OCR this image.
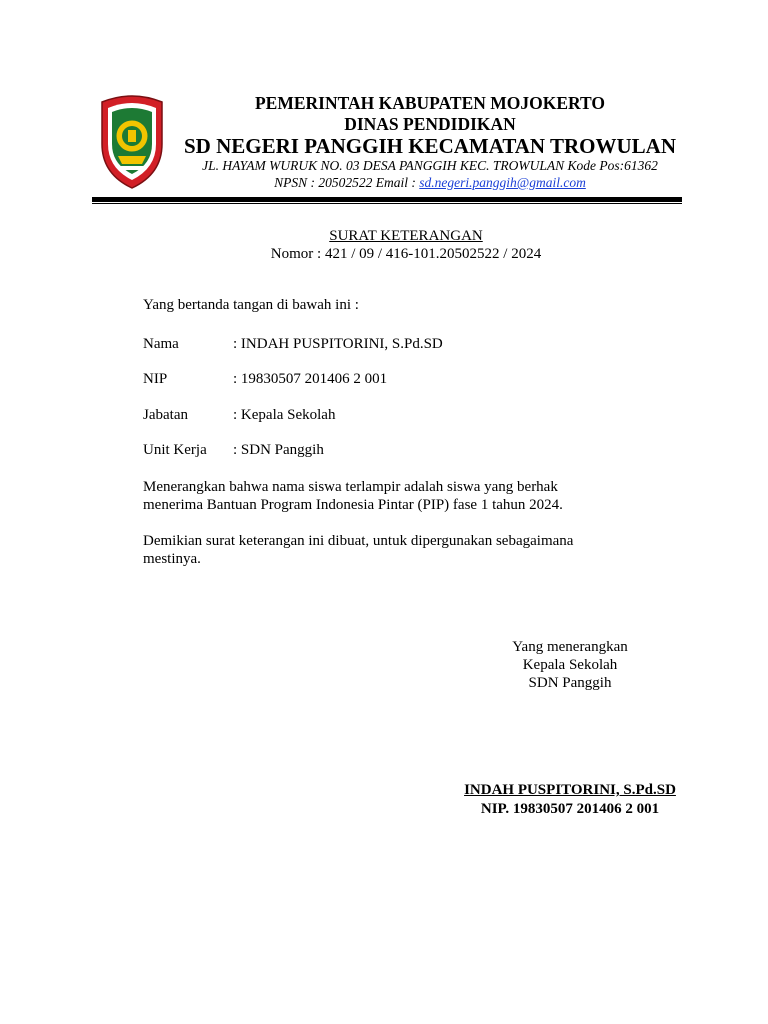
PEMERINTAH KABUPATEN MOJOKERTO
DINAS PENDIDIKAN
SD NEGERI PANGGIH KECAMATAN TROWULAN
JL. HAYAM WURUK NO. 03 DESA PANGGIH KEC. TROWULAN Kode Pos:61362
NPSN : 20502522 Email : sd.negeri.panggih@gmail.com
SURAT KETERANGAN
Nomor : 421 / 09 / 416-101.20502522 / 2024
Yang bertanda tangan di bawah ini :
Nama	: INDAH PUSPITORINI, S.Pd.SD
NIP	: 19830507 201406 2 001
Jabatan	: Kepala Sekolah
Unit Kerja : SDN Panggih
Menerangkan bahwa nama siswa terlampir adalah siswa yang berhak
menerima Bantuan Program Indonesia Pintar (PIP) fase 1 tahun 2024.
Demikian surat keterangan ini dibuat, untuk dipergunakan sebagaimana
mestinya.
Yang menerangkan
Kepala Sekolah
SDN Panggih
INDAH PUSPITORINI, S.Pd.SD
NIP. 19830507 201406 2 001
